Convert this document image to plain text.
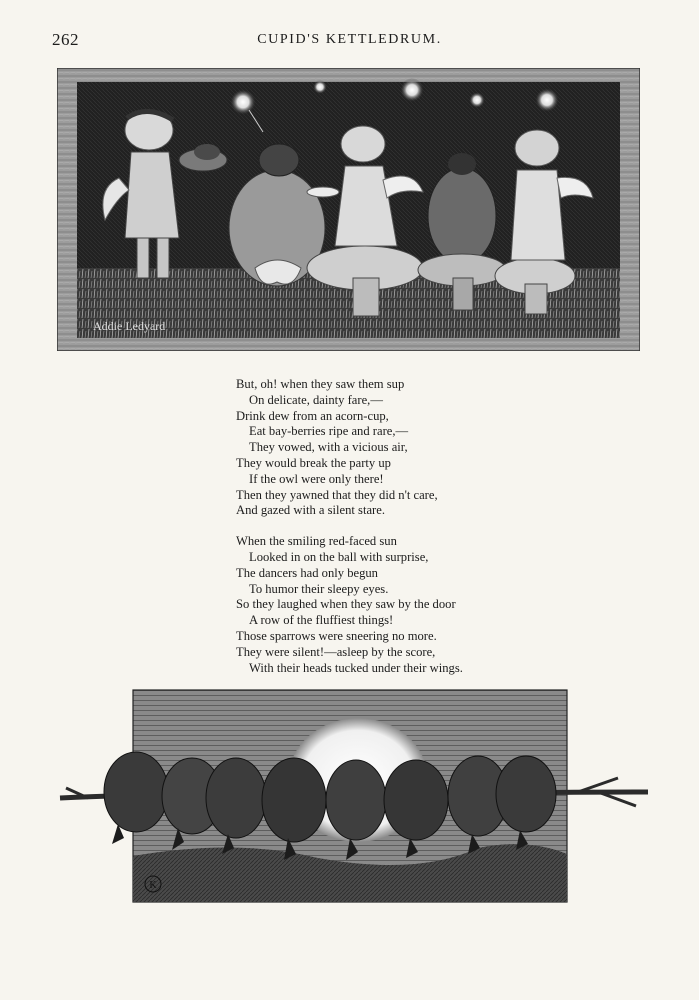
262	CUPID'S KETTLEDRUM.
Addie Ledyard
But, oh! when they saw them sup
On delicate, dainty fare,—
Drink dew from an acorn-cup,
Eat bay-berries ripe and rare,—
They vowed, with a vicious air,
They would break the party up
If the owl were only there!
Then they yawned that they did n't care,
And gazed with a silent stare.
When the smiling red-faced sun
Looked in on the ball with surprise,
The dancers had only begun
To humor their sleepy eyes.
So they laughed when they saw by the door
A row of the fluffiest things!
Those sparrows were sneering no more.
They were silent!—asleep by the score,
With their heads tucked under their wings.
K
